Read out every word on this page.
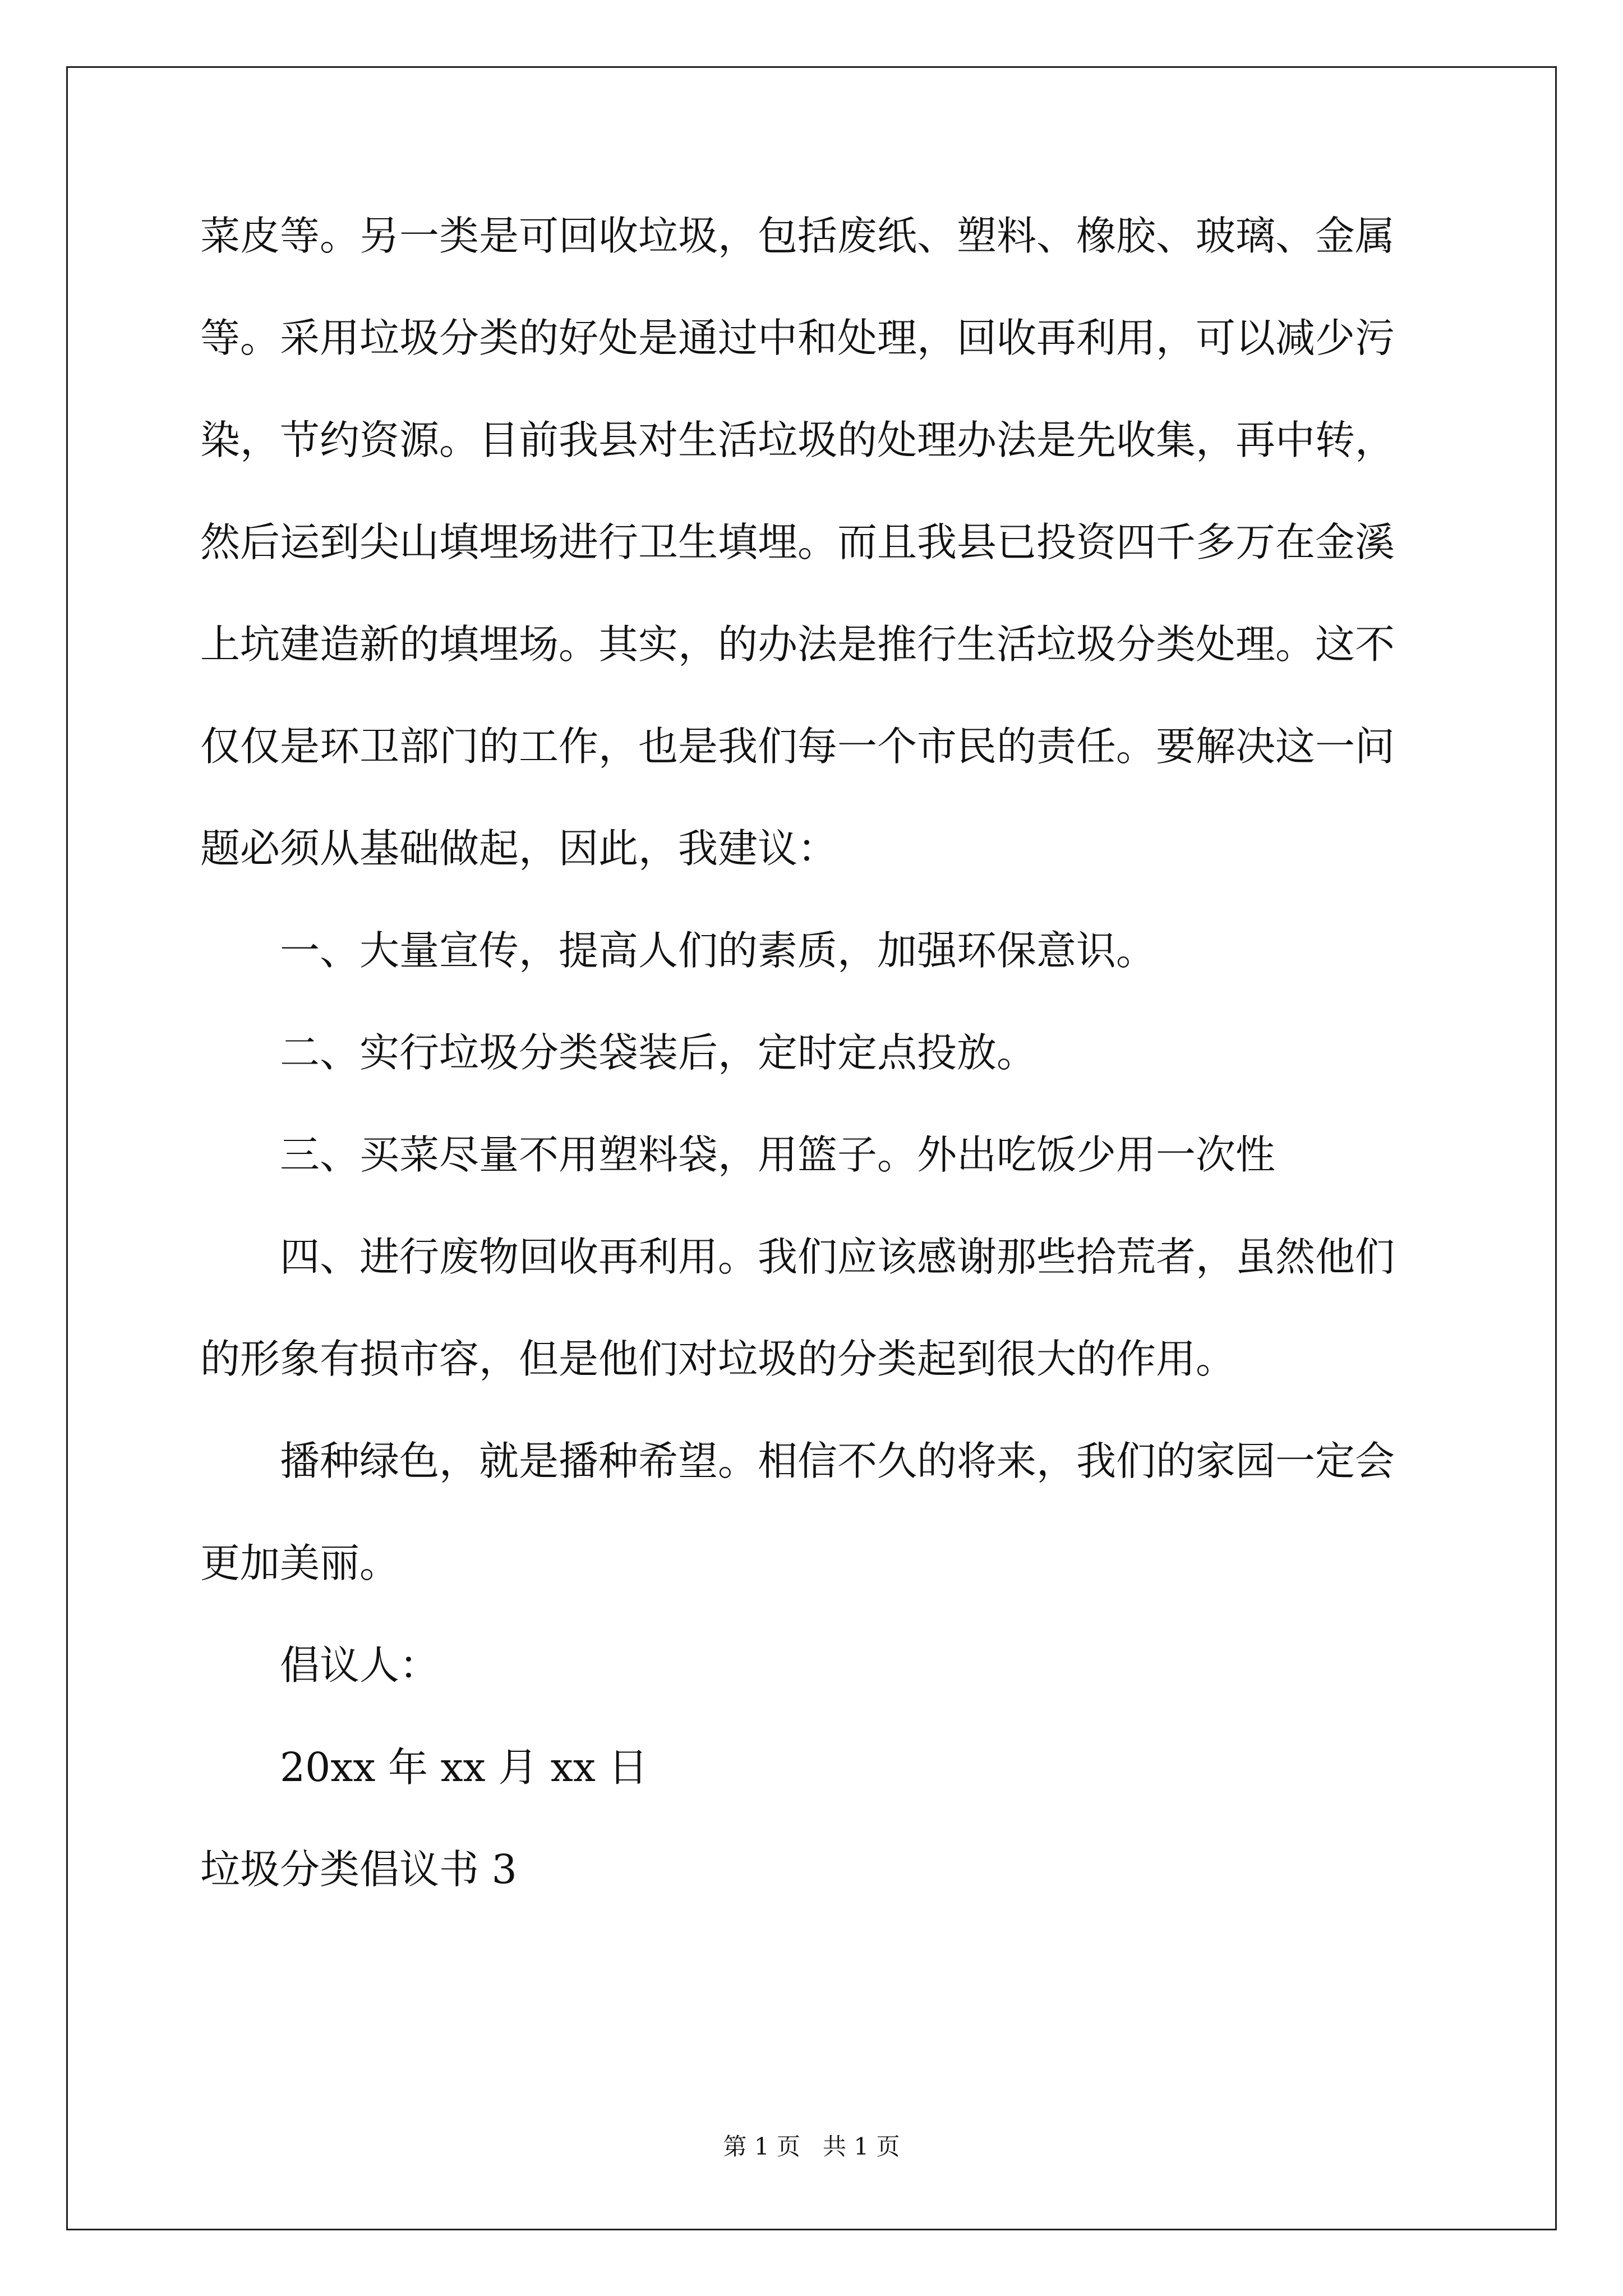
菜皮等。另一类是可回收垃圾，包括废纸、塑料、橡胶、玻璃、金属

等。采用垃圾分类的好处是通过中和处理，回收再利用，可以减少污

染，节约资源。目前我县对生活垃圾的处理办法是先收集，再中转，

然后运到尖山填埋场进行卫生填埋。而且我县已投资四千多万在金溪

上坑建造新的填埋场。其实，的办法是推行生活垃圾分类处理。这不

仅仅是环卫部门的工作，也是我们每一个市民的责任。要解决这一问

题必须从基础做起，因此，我建议：

一、大量宣传，提高人们的素质，加强环保意识。

二、实行垃圾分类袋装后，定时定点投放。

三、买菜尽量不用塑料袋，用篮子。外出吃饭少用一次性

四、进行废物回收再利用。我们应该感谢那些拾荒者，虽然他们

的形象有损市容，但是他们对垃圾的分类起到很大的作用。

播种绿色，就是播种希望。相信不久的将来，我们的家园一定会

更加美丽。

倡议人：

20xx 年 xx 月 xx 日

垃圾分类倡议书 3

第 1 页   共 1 页
